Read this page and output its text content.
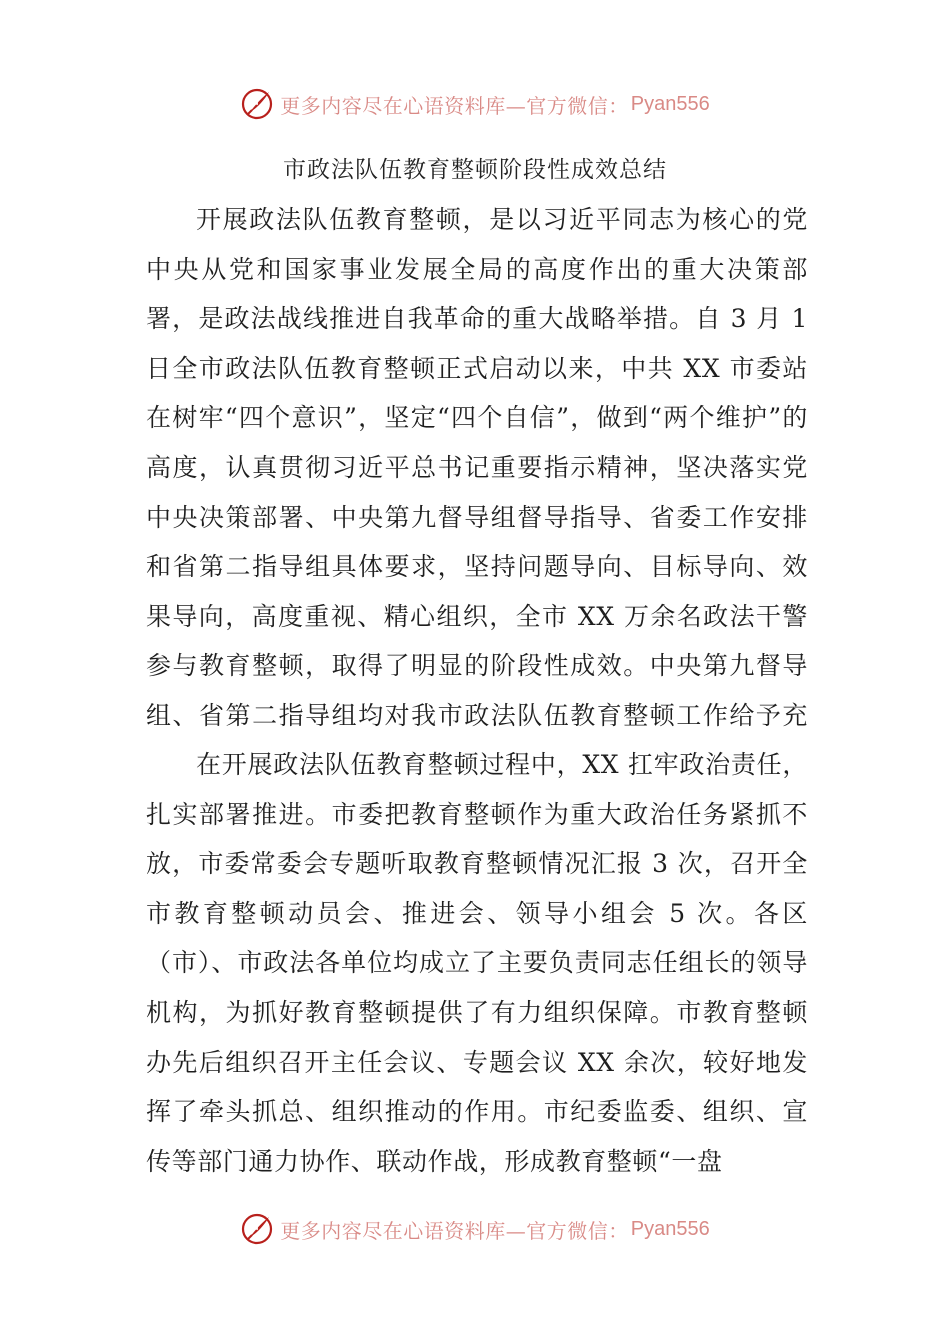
更多内容尽在心语资料库—官方微信： Pyan556
市政法队伍教育整顿阶段性成效总结

开展政法队伍教育整顿，是以习近平同志为核心的党中央从党和国家事业发展全局的高度作出的重大决策部署，是政法战线推进自我革命的重大战略举措。自 3 月 1 日全市政法队伍教育整顿正式启动以来，中共 XX 市委站在树牢“四个意识”，坚定“四个自信”，做到“两个维护”的高度，认真贯彻习近平总书记重要指示精神，坚决落实党中央决策部署、中央第九督导组督导指导、省委工作安排和省第二指导组具体要求，坚持问题导向、目标导向、效果导向，高度重视、精心组织，全市 XX 万余名政法干警参与教育整顿，取得了明显的阶段性成效。中央第九督导组、省第二指导组均对我市政法队伍教育整顿工作给予充

在开展政法队伍教育整顿过程中，XX 扛牢政治责任，扎实部署推进。市委把教育整顿作为重大政治任务紧抓不放，市委常委会专题听取教育整顿情况汇报 3 次，召开全市教育整顿动员会、推进会、领导小组会 5 次。各区（市）、市政法各单位均成立了主要负责同志任组长的领导机构，为抓好教育整顿提供了有力组织保障。市教育整顿办先后组织召开主任会议、专题会议 XX 余次，较好地发挥了牵头抓总、组织推动的作用。市纪委监委、组织、宣传等部门通力协作、联动作战，形成教育整顿“一盘

更多内容尽在心语资料库—官方微信： Pyan556
